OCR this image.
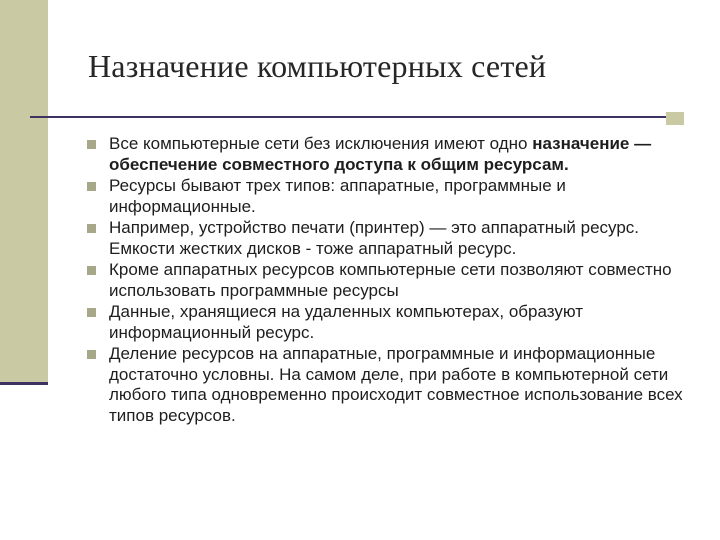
Назначение компьютерных сетей
Все компьютерные сети без исключения имеют одно назначение — обеспечение совместного доступа к общим ресурсам.
Ресурсы бывают трех типов: аппаратные, программные и информационные.
Например, устройство печати (принтер) — это аппаратный ресурс. Емкости жестких дисков - тоже аппаратный ресурс.
Кроме аппаратных ресурсов компьютерные сети позволяют совместно использовать программные ресурсы
Данные, хранящиеся на удаленных компьютерах, образуют информационный ресурс.
Деление ресурсов на аппаратные, программные и информационные достаточно условны. На самом деле, при работе в компьютерной сети любого типа одновременно происходит совместное использование всех типов ресурсов.
